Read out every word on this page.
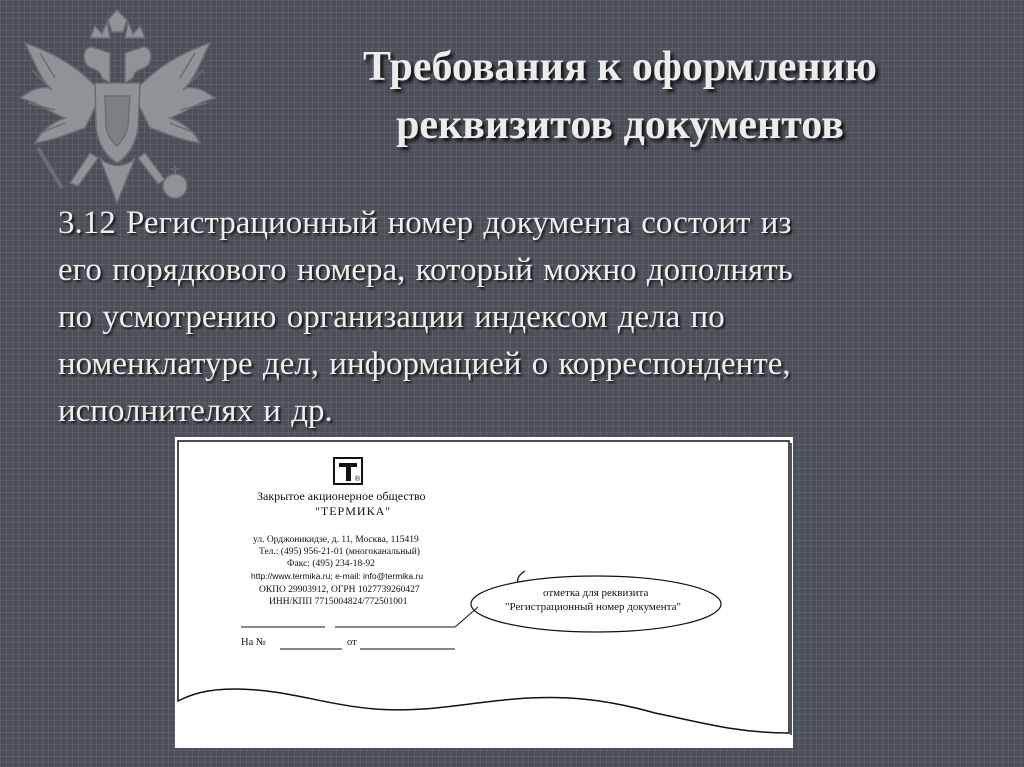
Требования к оформлению
реквизитов документов
3.12 Регистрационный номер документа состоит из
его порядкового номера, который можно дополнять
по усмотрению организации индексом дела по
номенклатуре дел, информацией о корреспонденте,
исполнителях и др.
®
Закрытое акционерное общество
"ТЕРМИКА"
ул. Орджоникидзе, д. 11, Москва, 115419
Тел.: (495) 956-21-01 (многоканальный)
Факс: (495) 234-18-92
http://www.termika.ru; e-mail: info@termika.ru
ОКПО 29903912, ОГРН 1027739260427
ИНН/КПП 7715004824/772501001
На №	от
отметка для реквизита
"Регистрационный номер документа"
